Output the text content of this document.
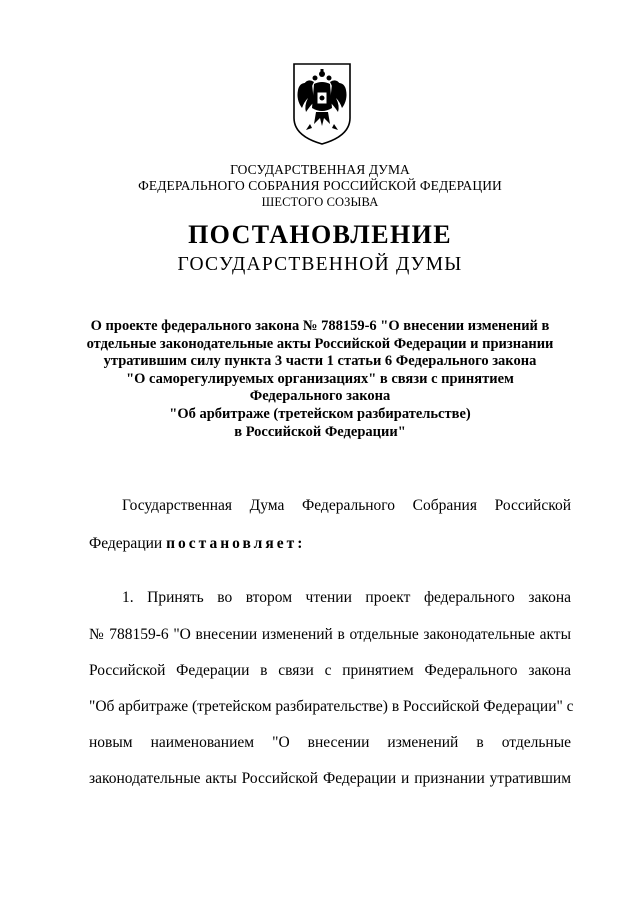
ГОСУДАРСТВЕННАЯ ДУМА
ФЕДЕРАЛЬНОГО СОБРАНИЯ РОССИЙСКОЙ ФЕДЕРАЦИИ
ШЕСТОГО СОЗЫВА
ПОСТАНОВЛЕНИЕ
ГОСУДАРСТВЕННОЙ ДУМЫ
О проекте федерального закона № 788159-6 "О внесении изменений в
отдельные законодательные акты Российской Федерации и признании
утратившим силу пункта 3 части 1 статьи 6 Федерального закона
"О саморегулируемых организациях" в связи с принятием
Федерального закона
"Об арбитраже (третейском разбирательстве)
в Российской Федерации"
Государственная Дума Федерального Собрания Российской
Федерации постановляет:
1. Принять во втором чтении проект федерального закона
№ 788159-6 "О внесении изменений в отдельные законодательные акты
Российской Федерации в связи с принятием Федерального закона
"Об арбитраже (третейском разбирательстве) в Российской Федерации" с
новым наименованием "О внесении изменений в отдельные
законодательные акты Российской Федерации и признании утратившим
